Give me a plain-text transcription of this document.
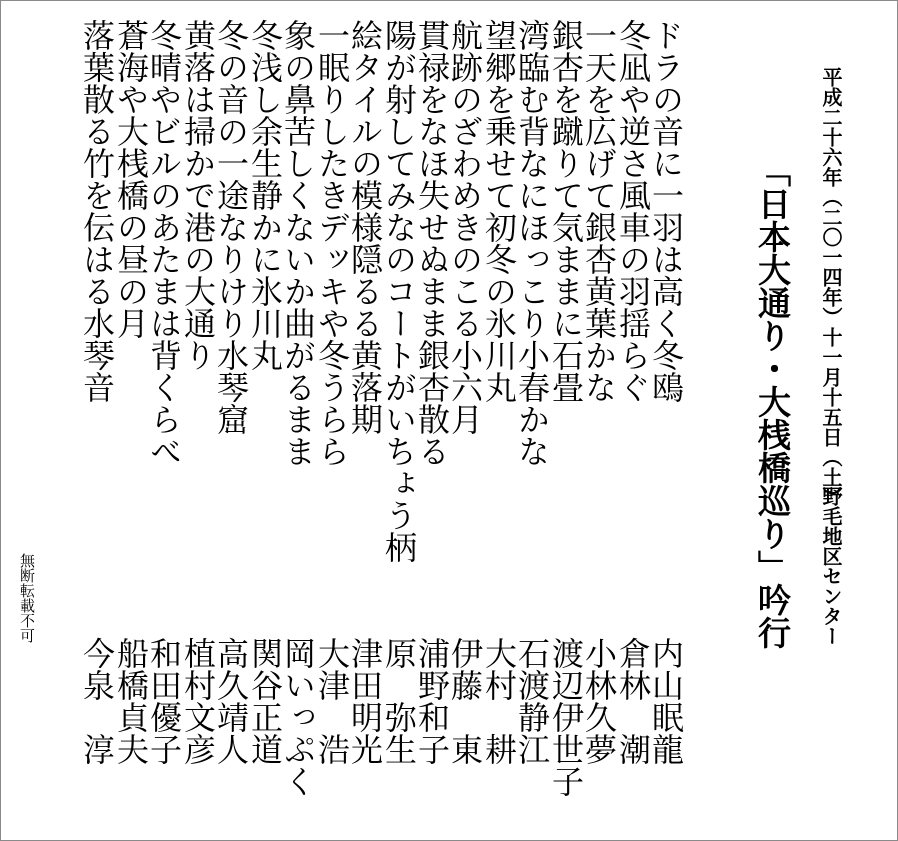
平成二十六年（二〇一四年）十一月十五日（土）
野毛地区センター
「日本大通り・大桟橋巡り」吟行
ドラの音に一羽は高く冬鴎
冬凪や逆さ風車の羽揺らぐ
一天を広げて銀杏黄葉かな
銀杏を蹴りて気ままに石畳
湾臨む背なにほっこり小春かな
望郷を乗せて初冬の氷川丸
航跡のざわめきのこる小六月
貫禄をなほ失せぬまま銀杏散る
陽が射してみなのコートがいちょう柄
絵タイルの模様隠るる黄落期
一眠りしたきデッキや冬うらら
象の鼻苦しくないか曲がるまま
冬浅し余生静かに氷川丸
冬の音の一途なりけり水琴窟
黄落は掃かで港の大通り
冬晴やビルのあたまは背くらべ
蒼海や大桟橋の昼の月
落葉散る竹を伝はる水琴音
内山眠龍
倉林　潮
小林久夢
渡辺伊世子
石渡静江
大村　耕
伊藤　東
浦野和子
原　弥生
津田明光
大津　浩
岡いっぷく
関谷正道
高久靖人
植村文彦
和田優子
船橋貞夫
今泉　淳
無断転載不可
